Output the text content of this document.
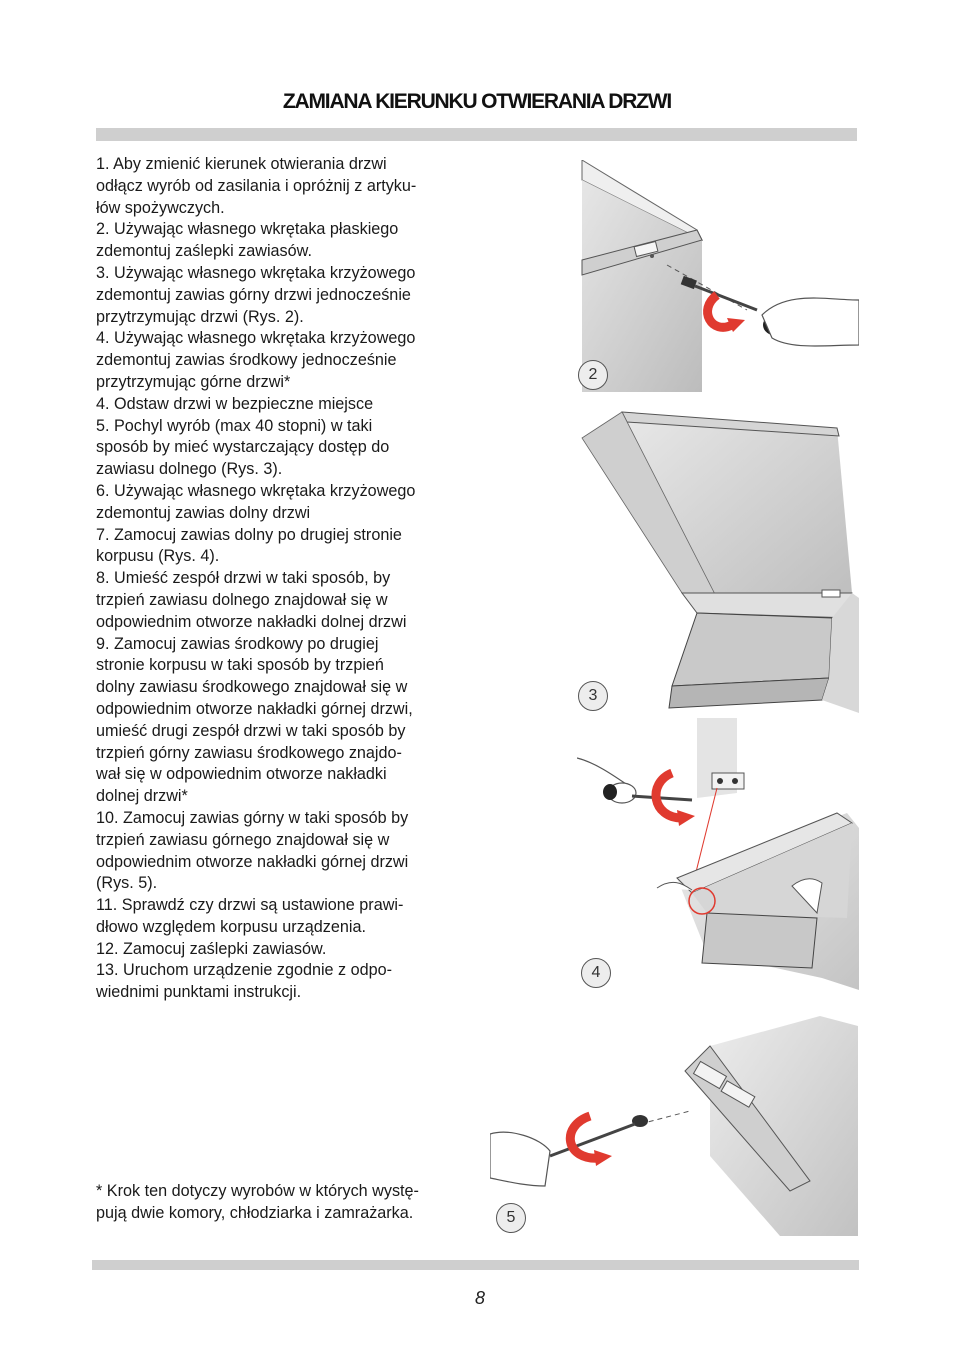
ZAMIANA KIERUNKU OTWIERANIA DRZWI
1. Aby zmienić kierunek otwierania drzwi
odłącz wyrób od zasilania i opróżnij z artyku-
łów spożywczych.
2. Używając własnego wkrętaka płaskiego
zdemontuj zaślepki zawiasów.
3. Używając własnego wkrętaka krzyżowego
zdemontuj zawias górny drzwi jednocześnie
przytrzymując drzwi (Rys. 2).
4. Używając własnego wkrętaka krzyżowego
zdemontuj zawias środkowy jednocześnie
przytrzymując górne drzwi*
4. Odstaw drzwi w bezpieczne miejsce
5. Pochyl wyrób (max 40 stopni) w taki
sposób by mieć wystarczający dostęp do
zawiasu dolnego (Rys. 3).
6. Używając własnego wkrętaka krzyżowego
zdemontuj zawias dolny drzwi
7. Zamocuj zawias dolny po drugiej stronie
korpusu (Rys. 4).
8. Umieść zespół drzwi w taki sposób, by
trzpień zawiasu dolnego znajdował się w
odpowiednim otworze nakładki dolnej drzwi
9. Zamocuj zawias środkowy po drugiej
stronie korpusu w taki sposób by trzpień
dolny zawiasu środkowego znajdował się w
odpowiednim otworze nakładki górnej drzwi,
umieść drugi zespół drzwi w taki sposób by
trzpień górny zawiasu środkowego znajdo-
wał się w odpowiednim otworze nakładki
dolnej drzwi*
10. Zamocuj zawias górny w taki sposób by
trzpień zawiasu górnego znajdował się w
odpowiednim otworze nakładki górnej drzwi
(Rys. 5).
11. Sprawdź czy drzwi są ustawione prawi-
dłowo względem korpusu urządzenia.
12. Zamocuj zaślepki zawiasów.
13. Uruchom urządzenie zgodnie z odpo-
wiednimi punktami instrukcji.
* Krok ten dotyczy wyrobów w których wystę-
pują dwie komory, chłodziarka i zamrażarka.
2
3
4
5
8
